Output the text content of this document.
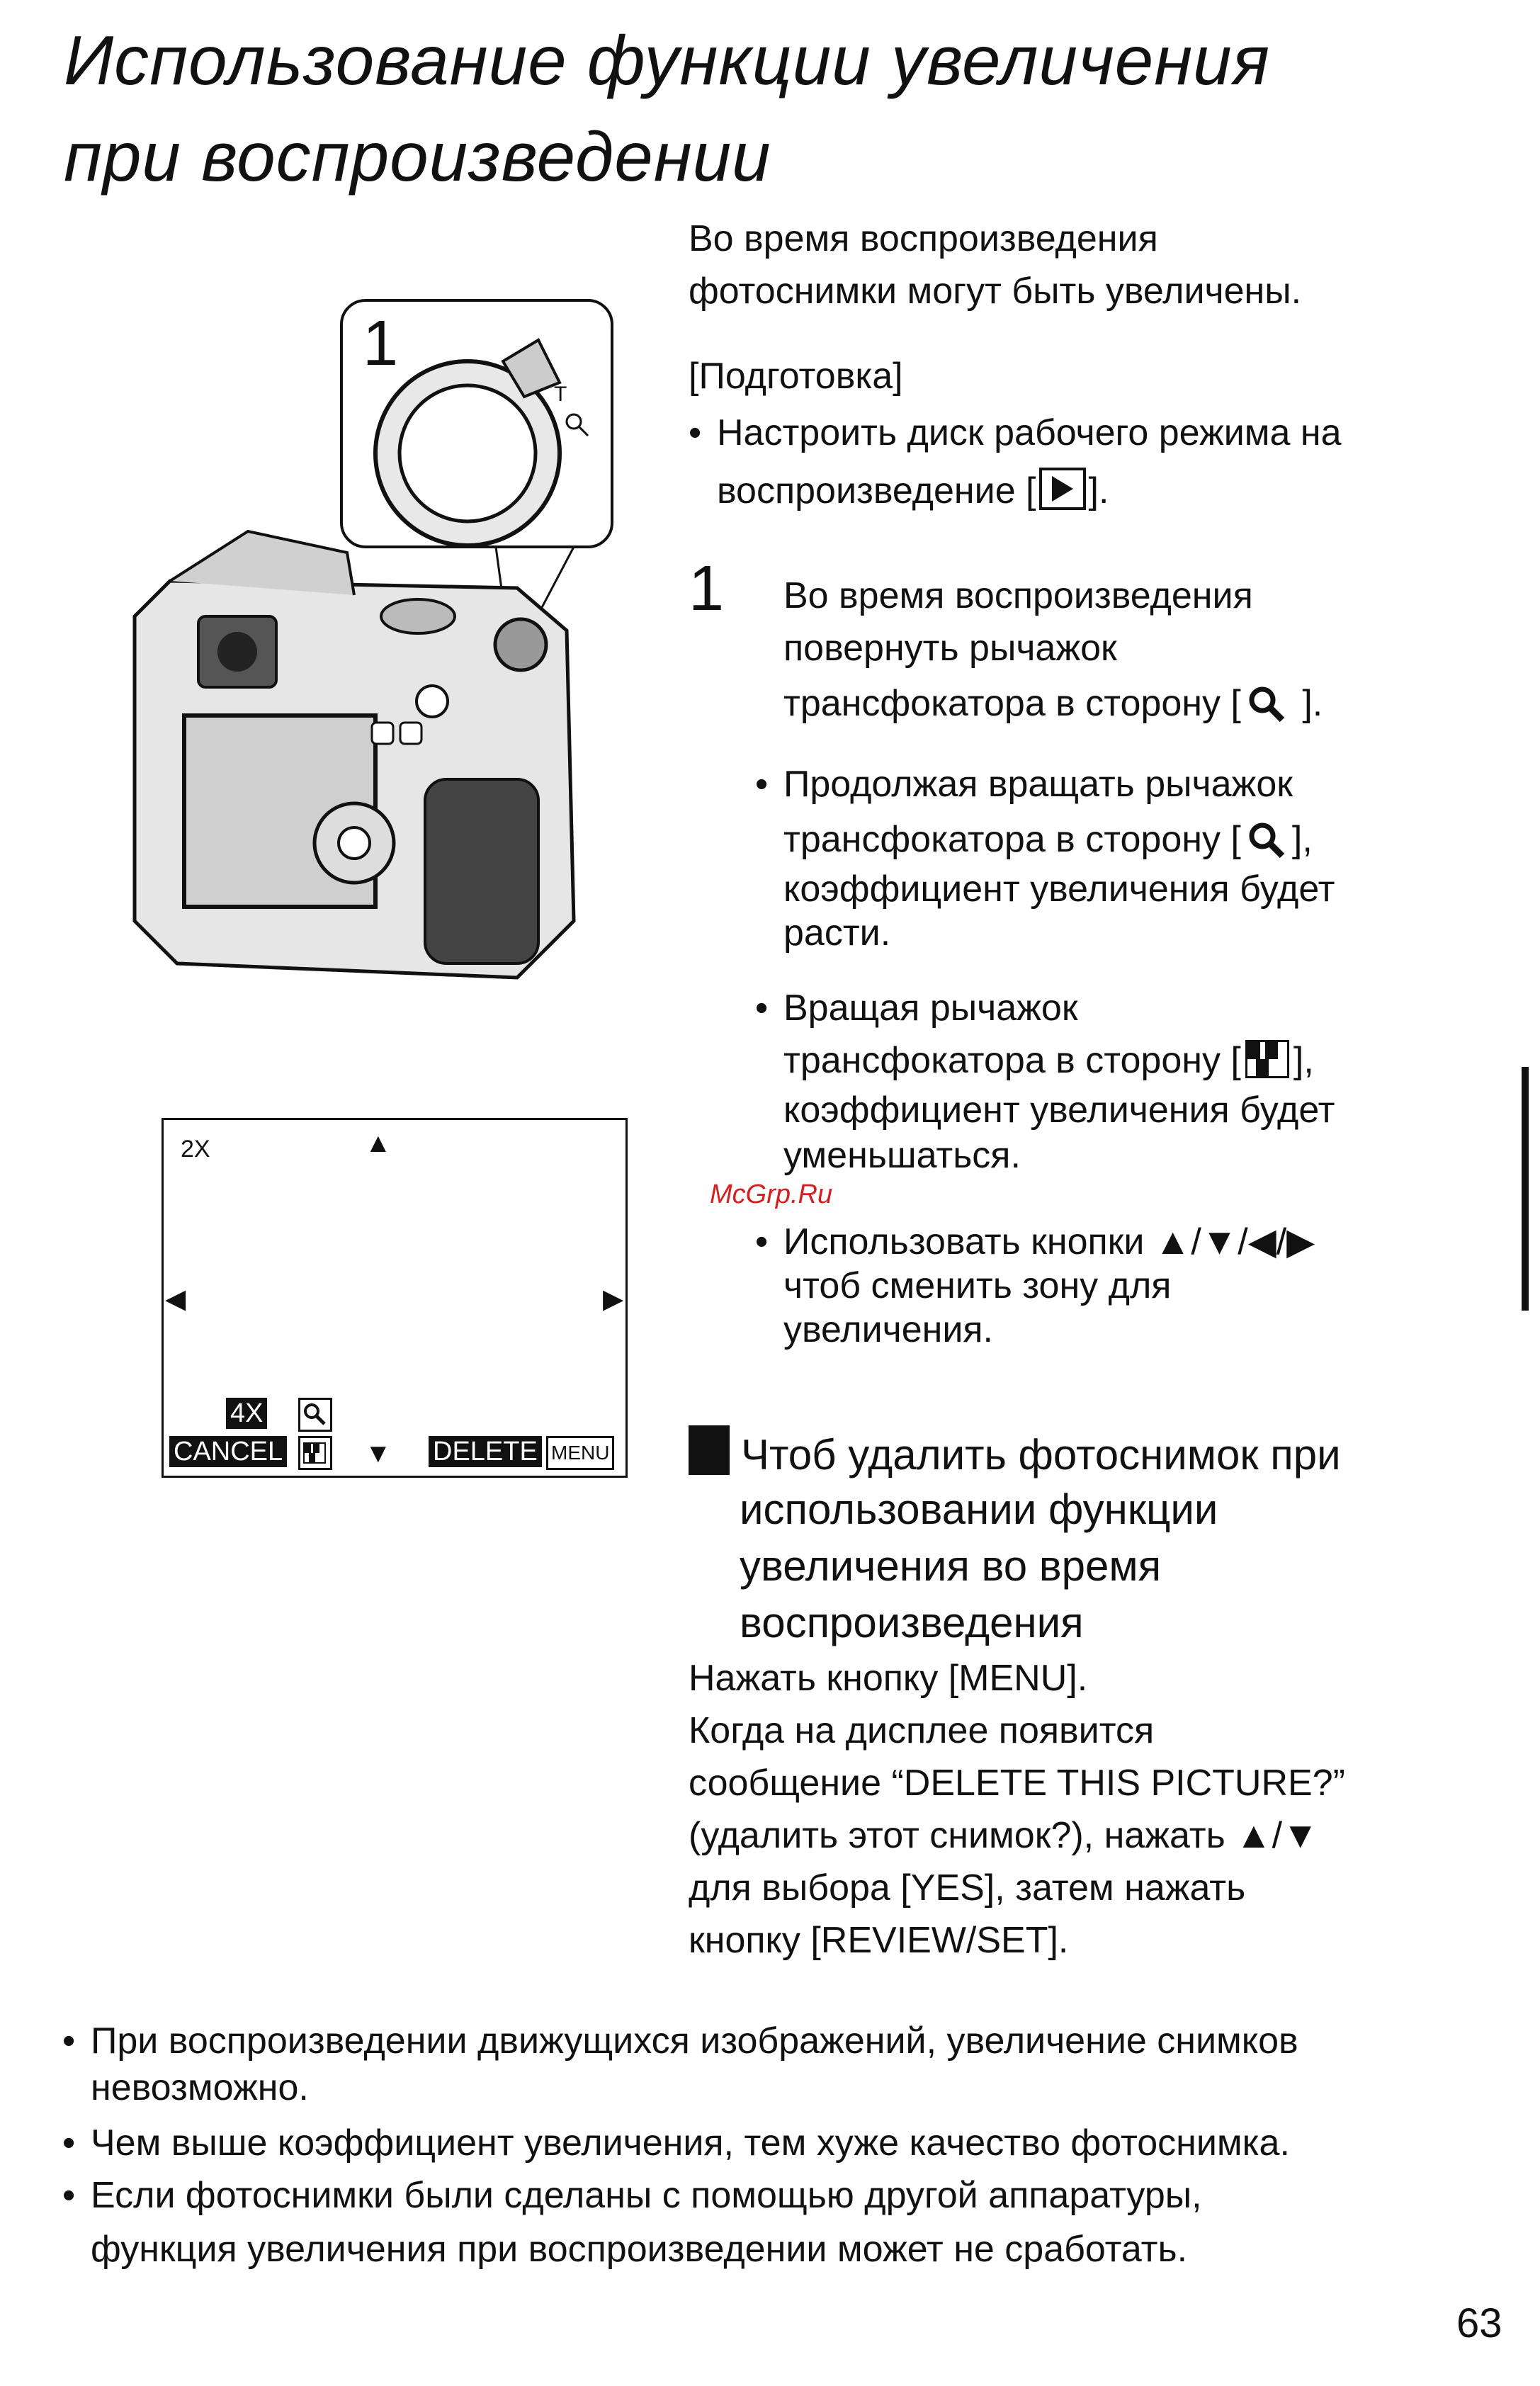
Использование функции увеличения
при воспроизведении
Во время воспроизведения
фотоснимки могут быть увеличены.
[Подготовка]
• Настроить диск рабочего режима на
воспроизведение [ ].
1 Во время воспроизведения
повернуть рычажок
трансфокатора в сторону [ ].
• Продолжая вращать рычажок
трансфокатора в сторону [ ],
коэффициент увеличения будет
расти.
• Вращая рычажок
трансфокатора в сторону [ ],
коэффициент увеличения будет
уменьшаться.
McGrp.Ru
• Использовать кнопки ▲/▼/◀/▶
чтоб сменить зону для
увеличения.
1
T
2X	▲
◀	▶
4X
CANCEL	▼ DELETE MENU	Чтоб удалить фотоснимок при
использовании функции
увеличения во время
воспроизведения
Нажать кнопку [MENU].
Когда на дисплее появится
сообщение “DELETE THIS PICTURE?”
(удалить этот снимок?), нажать ▲/▼
для выбора [YES], затем нажать
кнопку [REVIEW/SET].
• При воспроизведении движущихся изображений, увеличение снимков
невозможно.
• Чем выше коэффициент увеличения, тем хуже качество фотоснимка.
• Если фотоснимки были сделаны с помощью другой аппаратуры,
функция увеличения при воспроизведении может не сработать.
63
